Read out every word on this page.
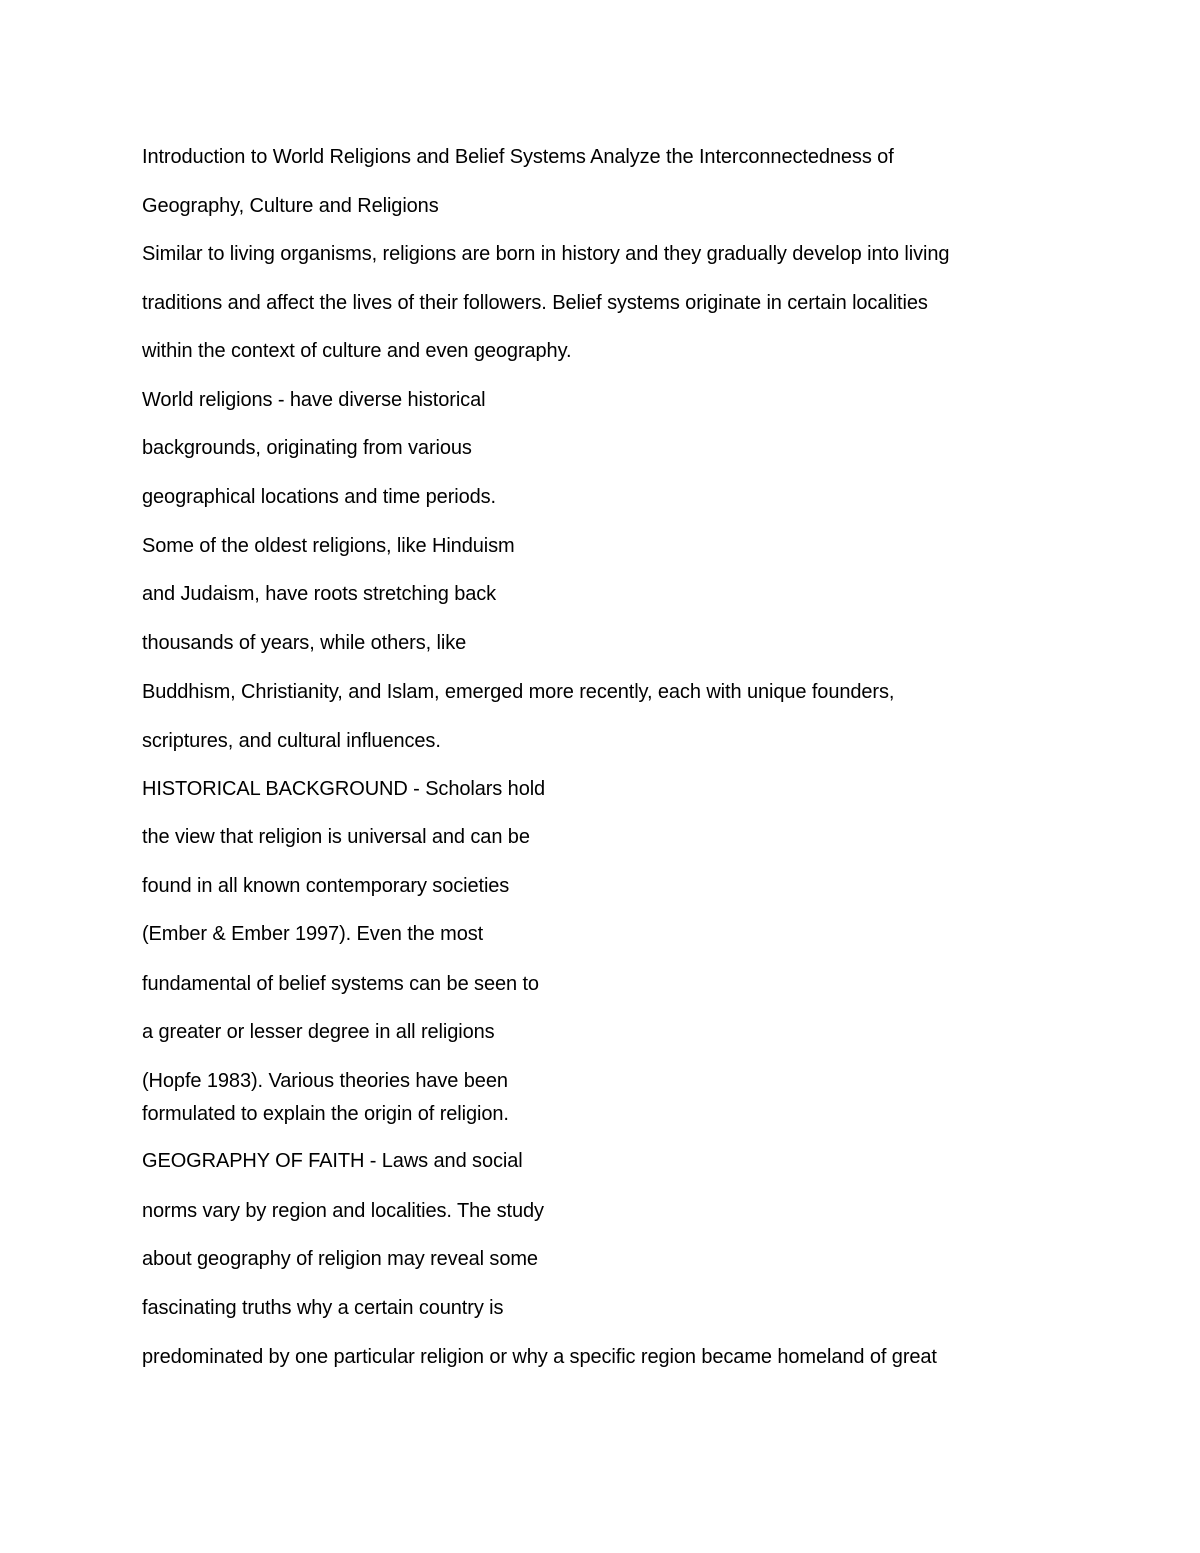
Introduction to World Religions and Belief Systems Analyze the Interconnectedness of
Geography, Culture and Religions
Similar to living organisms, religions are born in history and they gradually develop into living
traditions and affect the lives of their followers. Belief systems originate in certain localities
within the context of culture and even geography.
World religions - have diverse historical
backgrounds, originating from various
geographical locations and time periods.
Some of the oldest religions, like Hinduism
and Judaism, have roots stretching back
thousands of years, while others, like
Buddhism, Christianity, and Islam, emerged more recently, each with unique founders,
scriptures, and cultural influences.
HISTORICAL BACKGROUND - Scholars hold
the view that religion is universal and can be
found in all known contemporary societies
(Ember & Ember 1997). Even the most
fundamental of belief systems can be seen to
a greater or lesser degree in all religions
(Hopfe 1983). Various theories have been
formulated to explain the origin of religion.
GEOGRAPHY OF FAITH - Laws and social
norms vary by region and localities. The study
about geography of religion may reveal some
fascinating truths why a certain country is
predominated by one particular religion or why a specific region became homeland of great
